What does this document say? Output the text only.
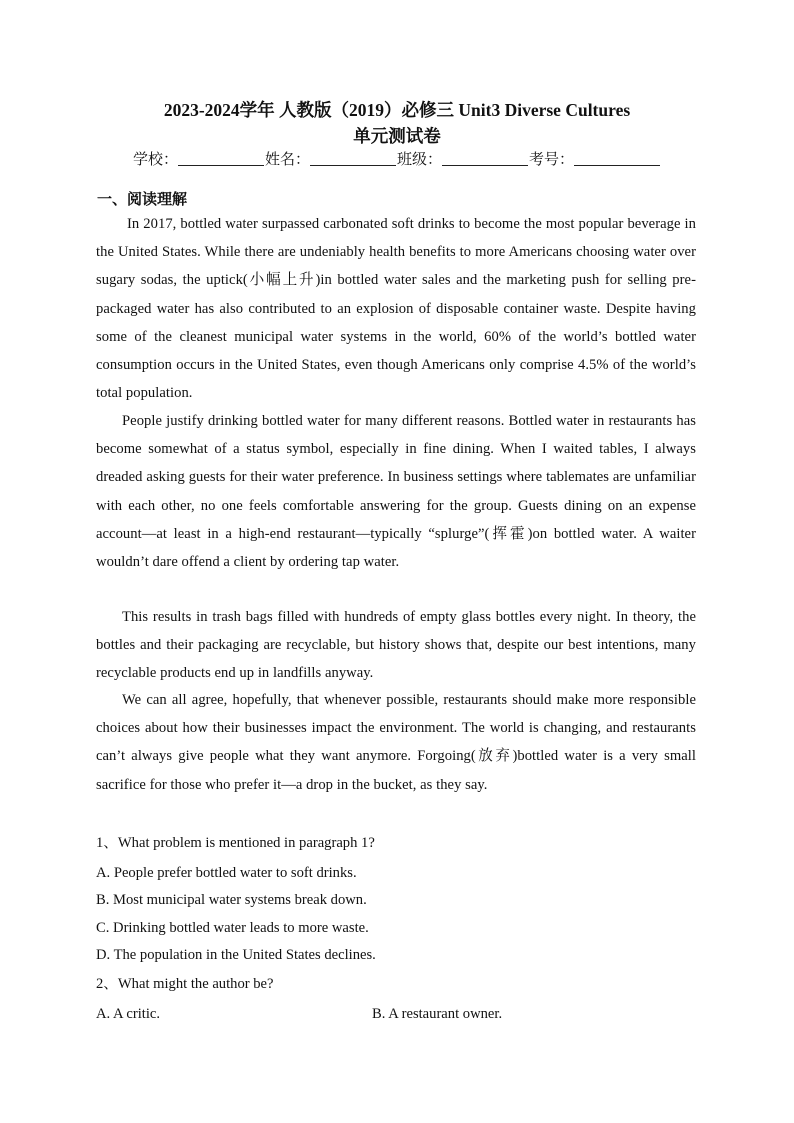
2023-2024学年 人教版（2019）必修三 Unit3 Diverse Cultures
单元测试卷
学校：	姓名：	班级：	考号：
一、阅读理解
In 2017, bottled water surpassed carbonated soft drinks to become the most popular beverage in the United States. While there are undeniably health benefits to more Americans choosing water over sugary sodas, the uptick(小幅上升)in bottled water sales and the marketing push for selling pre-packaged water has also contributed to an explosion of disposable container waste. Despite having some of the cleanest municipal water systems in the world, 60% of the world’s bottled water consumption occurs in the United States, even though Americans only comprise 4.5% of the world’s total population.
People justify drinking bottled water for many different reasons. Bottled water in restaurants has become somewhat of a status symbol, especially in fine dining. When I waited tables, I always dreaded asking guests for their water preference. In business settings where tablemates are unfamiliar with each other, no one feels comfortable answering for the group. Guests dining on an expense account—at least in a high-end restaurant—typically “splurge”(挥霍)on bottled water. A waiter wouldn’t dare offend a client by ordering tap water.
This results in trash bags filled with hundreds of empty glass bottles every night. In theory, the bottles and their packaging are recyclable, but history shows that, despite our best intentions, many recyclable products end up in landfills anyway.
We can all agree, hopefully, that whenever possible, restaurants should make more responsible choices about how their businesses impact the environment. The world is changing, and restaurants can’t always give people what they want anymore. Forgoing(放弃)bottled water is a very small sacrifice for those who prefer it—a drop in the bucket, as they say.
1、What problem is mentioned in paragraph 1?
A. People prefer bottled water to soft drinks.
B. Most municipal water systems break down.
C. Drinking bottled water leads to more waste.
D. The population in the United States declines.
2、What might the author be?
A. A critic.	B. A restaurant owner.
